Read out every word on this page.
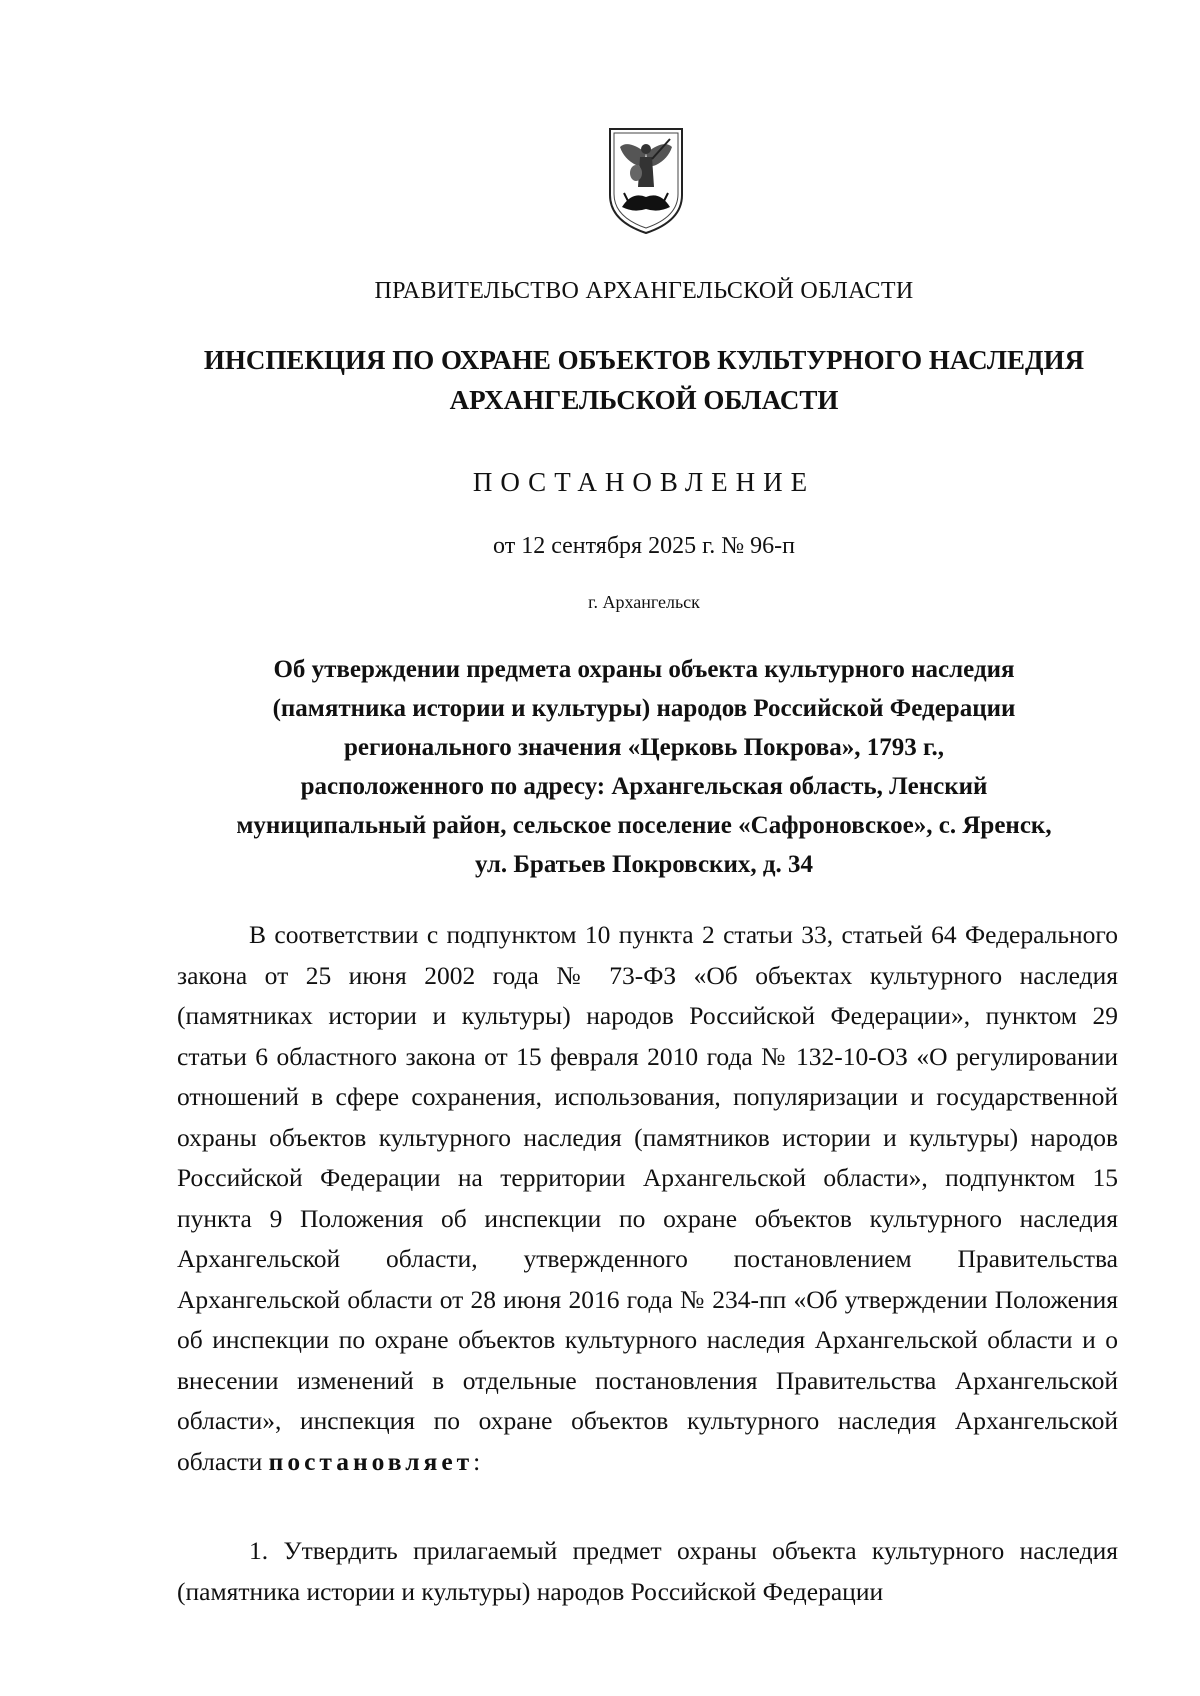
ПРАВИТЕЛЬСТВО АРХАНГЕЛЬСКОЙ ОБЛАСТИ
ИНСПЕКЦИЯ ПО ОХРАНЕ ОБЪЕКТОВ КУЛЬТУРНОГО НАСЛЕДИЯ
АРХАНГЕЛЬСКОЙ ОБЛАСТИ
ПОСТАНОВЛЕНИЕ
от 12 сентября 2025 г. № 96-п
г. Архангельск
Об утверждении предмета охраны объекта культурного наследия
(памятника истории и культуры) народов Российской Федерации
регионального значения «Церковь Покрова», 1793 г.,
расположенного по адресу: Архангельская область, Ленский
муниципальный район, сельское поселение «Сафроновское», с. Яренск,
ул. Братьев Покровских, д. 34

В соответствии с подпунктом 10 пункта 2 статьи 33, статьей 64 Федерального закона от 25 июня 2002 года № 73-ФЗ «Об объектах культурного наследия (памятниках истории и культуры) народов Российской Федерации», пунктом 29 статьи 6 областного закона от 15 февраля 2010 года № 132-10-ОЗ «О регулировании отношений в сфере сохранения, использования, популяризации и государственной охраны объектов культурного наследия (памятников истории и культуры) народов Российской Федерации на территории Архангельской области», подпунктом 15 пункта 9 Положения об инспекции по охране объектов культурного наследия Архангельской области, утвержденного постановлением Правительства Архангельской области от 28 июня 2016 года № 234-пп «Об утверждении Положения об инспекции по охране объектов культурного наследия Архангельской области и о внесении изменений в отдельные постановления Правительства Архангельской области», инспекция по охране объектов культурного наследия Архангельской области постановляет:

1. Утвердить прилагаемый предмет охраны объекта культурного наследия (памятника истории и культуры) народов Российской Федерации
